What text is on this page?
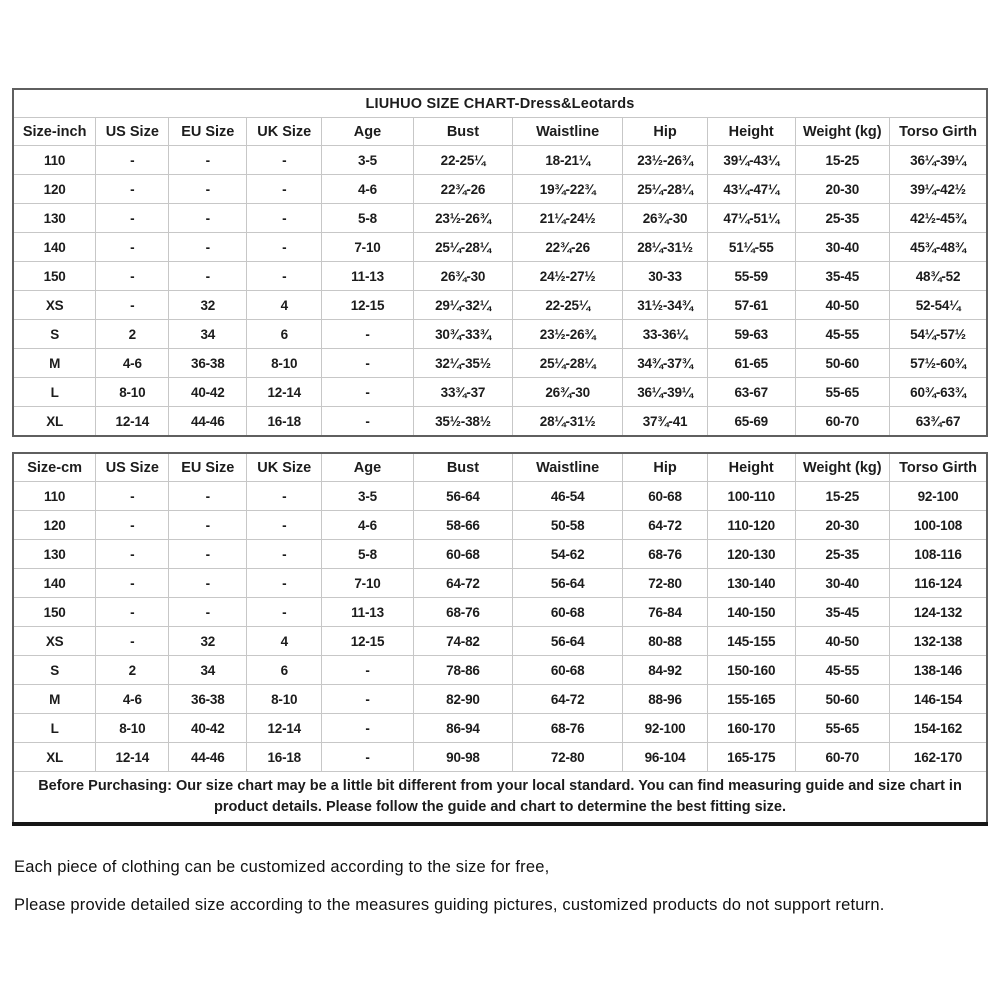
LIUHUO SIZE CHART-Dress&Leotards										
Size-inch	US Size	EU Size	UK Size	Age	Bust	Waistline	Hip	Height	Weight (kg)	Torso Girth
110	-	-	-	3-5	22-25¼	18-21¼	23½-26¾	39¼-43¼	15-25	36¼-39¼
120	-	-	-	4-6	22¾-26	19¾-22¾	25¼-28¼	43¼-47¼	20-30	39¼-42½
130	-	-	-	5-8	23½-26¾	21¼-24½	26¾-30	47¼-51¼	25-35	42½-45¾
140	-	-	-	7-10	25¼-28¼	22¾-26	28¼-31½	51¼-55	30-40	45¾-48¾
150	-	-	-	11-13	26¾-30	24½-27½	30-33	55-59	35-45	48¾-52
XS	-	32	4	12-15	29¼-32¼	22-25¼	31½-34¾	57-61	40-50	52-54¼
S	2	34	6	-	30¾-33¾	23½-26¾	33-36¼	59-63	45-55	54¼-57½
M	4-6	36-38	8-10	-	32¼-35½	25¼-28¼	34¾-37¾	61-65	50-60	57½-60¾
L	8-10	40-42	12-14	-	33¾-37	26¾-30	36¼-39¼	63-67	55-65	60¾-63¾
XL	12-14	44-46	16-18	-	35½-38½	28¼-31½	37¾-41	65-69	60-70	63¾-67
Size-cm	US Size	EU Size	UK Size	Age	Bust	Waistline	Hip	Height	Weight (kg)	Torso Girth
110	-	-	-	3-5	56-64	46-54	60-68	100-110	15-25	92-100
120	-	-	-	4-6	58-66	50-58	64-72	110-120	20-30	100-108
130	-	-	-	5-8	60-68	54-62	68-76	120-130	25-35	108-116
140	-	-	-	7-10	64-72	56-64	72-80	130-140	30-40	116-124
150	-	-	-	11-13	68-76	60-68	76-84	140-150	35-45	124-132
XS	-	32	4	12-15	74-82	56-64	80-88	145-155	40-50	132-138
S	2	34	6	-	78-86	60-68	84-92	150-160	45-55	138-146
M	4-6	36-38	8-10	-	82-90	64-72	88-96	155-165	50-60	146-154
L	8-10	40-42	12-14	-	86-94	68-76	92-100	160-170	55-65	154-162
XL	12-14	44-46	16-18	-	90-98	72-80	96-104	165-175	60-70	162-170
Before Purchasing: Our size chart may be a little bit different from your local standard. You can find measuring guide and size chart in product details. Please follow the guide and chart to determine the best fitting size.										
Each piece of clothing can be customized according to the size for free,
Please provide detailed size according to the measures guiding pictures, customized products do not support return.
